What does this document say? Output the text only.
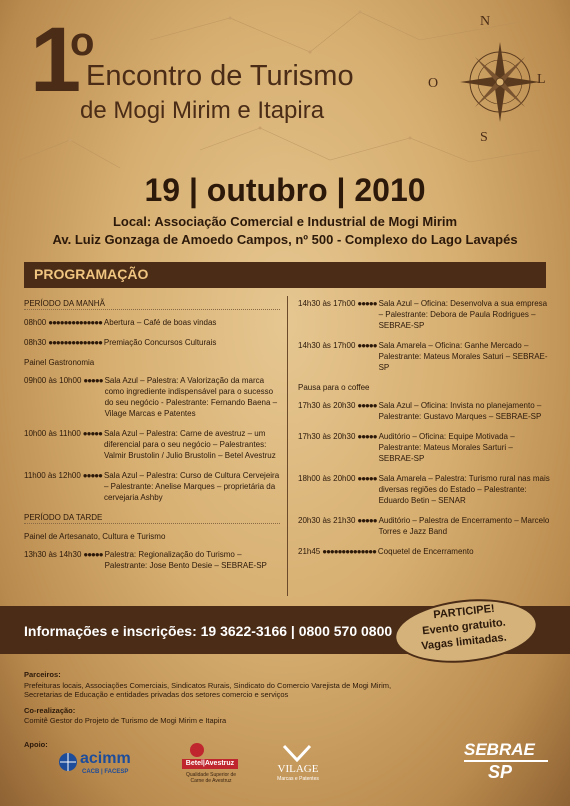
N
S
L
O
1
o
Encontro de Turismo
de Mogi Mirim e Itapira
19 | outubro | 2010
Local: Associação Comercial e Industrial de Mogi Mirim
Av. Luiz Gonzaga de Amoedo Campos, nº 500 - Complexo do Lago Lavapés
PROGRAMAÇÃO
PERÍODO DA MANHÃ
08h00 ●●●●●●●●●●●●●● Abertura – Café de boas vindas
08h30 ●●●●●●●●●●●●●● Premiação Concursos Culturais
Painel Gastronomia
09h00 às 10h00 ●●●●● Sala Azul – Palestra: A Valorização da marca como ingrediente indispensável para o sucesso do seu negócio - Palestrante: Fernando Baena – Vilage Marcas e Patentes
10h00 às 11h00 ●●●●● Sala Azul – Palestra: Carne de avestruz – um diferencial para o seu negócio – Palestrantes: Valmir Brustolin / Julio Brustolin – Betel Avestruz
11h00 às 12h00 ●●●●● Sala Azul – Palestra: Curso de Cultura Cervejeira – Palestrante: Anelise Marques – proprietária da cervejaria Ashby
PERÍODO DA TARDE
Painel de Artesanato, Cultura e Turismo
13h30 às 14h30 ●●●●● Palestra: Regionalização do Turismo – Palestrante: Jose Bento Desie – SEBRAE-SP
14h30 às 17h00 ●●●●● Sala Azul – Oficina: Desenvolva a sua empresa – Palestrante: Debora de Paula Rodrigues – SEBRAE-SP
14h30 às 17h00 ●●●●● Sala Amarela – Oficina: Ganhe Mercado – Palestrante: Mateus Morales Saturi – SEBRAE-SP
Pausa para o coffee
17h30 às 20h30 ●●●●● Sala Azul – Oficina: Invista no planejamento – Palestrante: Gustavo Marques – SEBRAE-SP
17h30 às 20h30 ●●●●● Auditório – Oficina: Equipe Motivada – Palestrante: Mateus Morales Sarturi – SEBRAE-SP
18h00 às 20h00 ●●●●● Sala Amarela – Palestra: Turismo rural nas mais diversas regiões do Estado – Palestrante: Eduardo Betin – SENAR
20h30 às 21h30 ●●●●● Auditório – Palestra de Encerramento – Marcelo Torres e Jazz Band
21h45 ●●●●●●●●●●●●●● Coquetel de Encerramento
Informações e inscrições: 19 3622-3166 | 0800 570 0800
PARTICIPE!
Evento gratuito.
Vagas limitadas.
Parceiros:
Prefeituras locais, Associações Comerciais, Sindicatos Rurais, Sindicato do Comercio Varejista de Mogi Mirim,
Secretarias de Educação e entidades privadas dos setores comercio e serviços
Co-realização:
Comitê Gestor do Projeto de Turismo de Mogi Mirim e Itapira
Apoio:
acimm
CACB | FACESP
Betel|Avestruz
Qualidade Superior de Carne de Avestruz
VILAGE
Marcas e Patentes
SEBRAE
SP
